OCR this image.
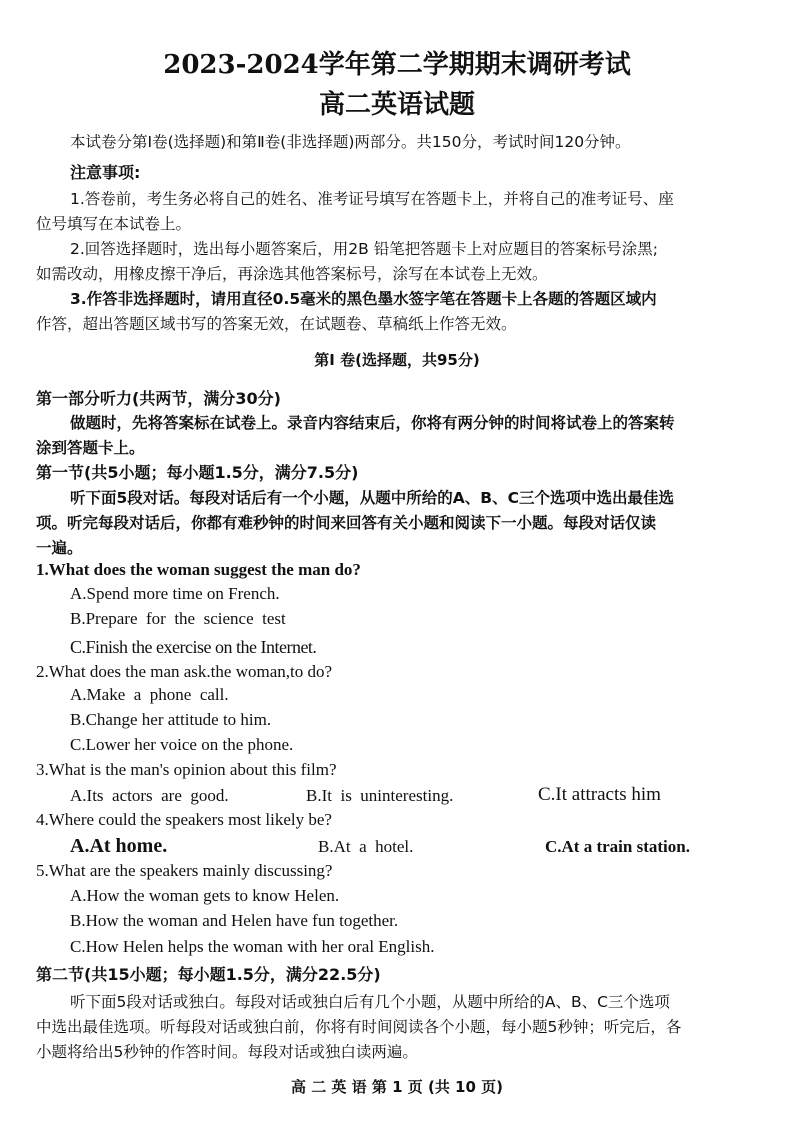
2023-2024学年第二学期期末调研考试
高二英语试题
本试卷分第I卷(选择题)和第Ⅱ卷(非选择题)两部分。共150分，考试时间120分钟。
注意事项:
1.答卷前，考生务必将自己的姓名、准考证号填写在答题卡上，并将自己的准考证号、座
位号填写在本试卷上。
2.回答选择题时，选出每小题答案后，用2B 铅笔把答题卡上对应题目的答案标号涂黑;
如需改动，用橡皮擦干净后，再涂选其他答案标号，涂写在本试卷上无效。
3.作答非选择题时，请用直径0.5毫米的黑色墨水签字笔在答题卡上各题的答题区域内
作答，超出答题区域书写的答案无效，在试题卷、草稿纸上作答无效。
第I 卷(选择题，共95分)
第一部分听力(共两节，满分30分)
做题时，先将答案标在试卷上。录音内容结束后，你将有两分钟的时间将试卷上的答案转
涂到答题卡上。
第一节(共5小题；每小题1.5分，满分7.5分)
听下面5段对话。每段对话后有一个小题，从题中所给的A、B、C三个选项中选出最佳选
项。听完每段对话后，你都有难秒钟的时间来回答有关小题和阅读下一小题。每段对话仅读
一遍。
1.What does the woman suggest the man do?
A.Spend more time on French.
B.Prepare  for  the  science  test
C.Finish the exercise on the Internet.
2.What does the man ask.the woman,to do?
A.Make  a  phone  call.
B.Change her attitude to him.
C.Lower her voice on the phone.
3.What is the man's opinion about this film?
A.Its  actors  are  good.	B.It  is  uninteresting.	C.It attracts him
4.Where could the speakers most likely be?
A.At home.	B.At  a  hotel.	C.At a train station.
5.What are the speakers mainly discussing?
A.How the woman gets to know Helen.
B.How the woman and Helen have fun together.
C.How Helen helps the woman with her oral English.
第二节(共15小题；每小题1.5分，满分22.5分)
听下面5段对话或独白。每段对话或独白后有几个小题，从题中所给的A、B、C三个选项
中选出最佳选项。听每段对话或独白前，你将有时间阅读各个小题，每小题5秒钟；听完后，各
小题将给出5秒钟的作答时间。每段对话或独白读两遍。
高 二 英 语 第 1 页 (共 10 页)
